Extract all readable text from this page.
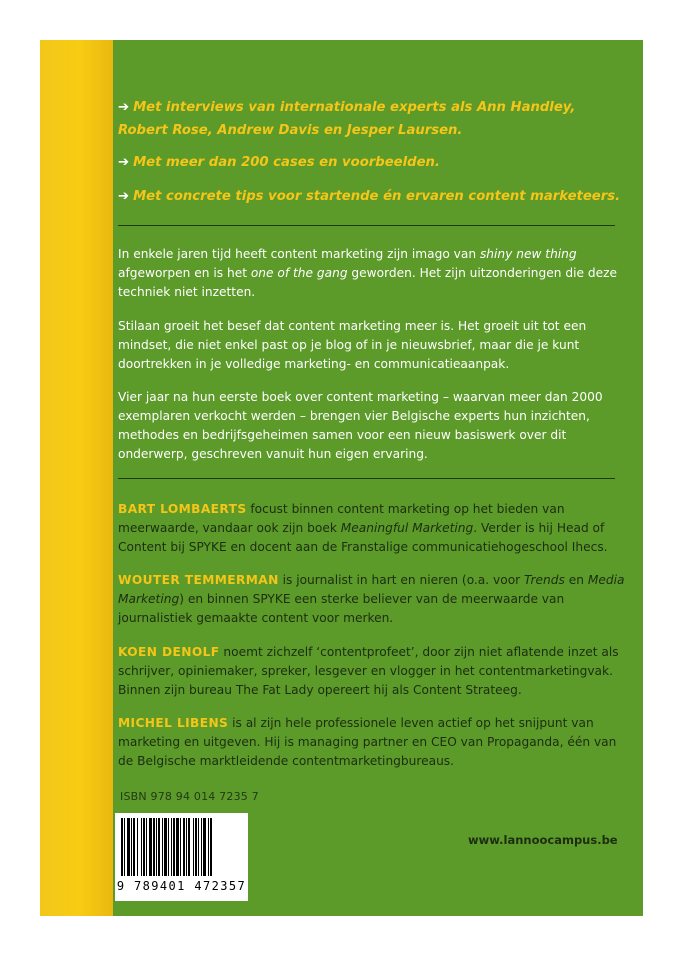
➔ Met interviews van internationale experts als Ann Handley, Robert Rose, Andrew Davis en Jesper Laursen.
➔ Met meer dan 200 cases en voorbeelden.
➔ Met concrete tips voor startende én ervaren content marketeers.
In enkele jaren tijd heeft content marketing zijn imago van shiny new thing afgeworpen en is het one of the gang geworden. Het zijn uitzonderingen die deze techniek niet inzetten.
Stilaan groeit het besef dat content marketing meer is. Het groeit uit tot een mindset, die niet enkel past op je blog of in je nieuwsbrief, maar die je kunt doortrekken in je volledige marketing- en communicatieaanpak.
Vier jaar na hun eerste boek over content marketing – waarvan meer dan 2000 exemplaren verkocht werden – brengen vier Belgische experts hun inzichten, methodes en bedrijfsgeheimen samen voor een nieuw basiswerk over dit onderwerp, geschreven vanuit hun eigen ervaring.
BART LOMBAERTS focust binnen content marketing op het bieden van meerwaarde, vandaar ook zijn boek Meaningful Marketing. Verder is hij Head of Content bij SPYKE en docent aan de Franstalige communicatiehogeschool Ihecs.
WOUTER TEMMERMAN is journalist in hart en nieren (o.a. voor Trends en Media Marketing) en binnen SPYKE een sterke believer van de meerwaarde van journalistiek gemaakte content voor merken.
KOEN DENOLF noemt zichzelf ‘contentprofeet’, door zijn niet aflatende inzet als schrijver, opiniemaker, spreker, lesgever en vlogger in het contentmarketingvak. Binnen zijn bureau The Fat Lady opereert hij als Content Strateeg.
MICHEL LIBENS is al zijn hele professionele leven actief op het snijpunt van marketing en uitgeven. Hij is managing partner en CEO van Propaganda, één van de Belgische marktleidende contentmarketingbureaus.
ISBN 978 94 014 7235 7
9 789401 472357
www.lannoocampus.be
